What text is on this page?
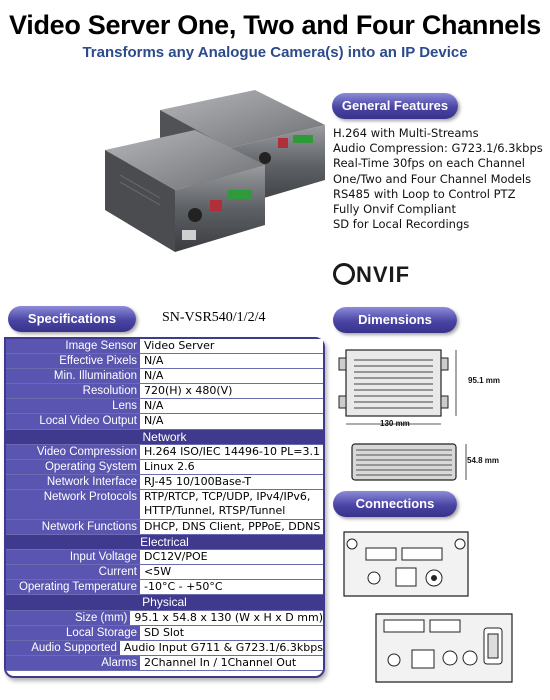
Video Server One, Two and Four Channels
Transforms any Analogue Camera(s) into an IP Device
General Features
H.264 with Multi-Streams
Audio Compression: G723.1/6.3kbps
Real-Time 30fps on each Channel
One/Two and Four Channel Models
RS485 with Loop to Control PTZ
Fully Onvif Compliant
SD for Local Recordings
NVIF
Specifications	SN-VSR540/1/2/4
Image Sensor Video Server
Effective Pixels N/A
Min. Illumination N/A
Resolution 720(H) x 480(V)
Lens N/A
Local Video Output N/A
Network
Video Compression H.264 ISO/IEC 14496-10 PL=3.1
Operating System Linux 2.6
Network Interface RJ-45 10/100Base-T
Network Protocols RTP/RTCP, TCP/UDP, IPv4/IPv6, HTTP/Tunnel, RTSP/Tunnel
Network Functions DHCP, DNS Client, PPPoE, DDNS
Electrical
Input Voltage DC12V/POE
Current <5W
Operating Temperature -10°C - +50°C
Physical
Size (mm) 95.1 x 54.8 x 130 (W x H x D mm)
Local Storage SD Slot
Audio Supported Audio Input G711 & G723.1/6.3kbps
Alarms 2Channel In / 1Channel Out
Dimensions
95.1 mm
130 mm
54.8 mm
Connections
